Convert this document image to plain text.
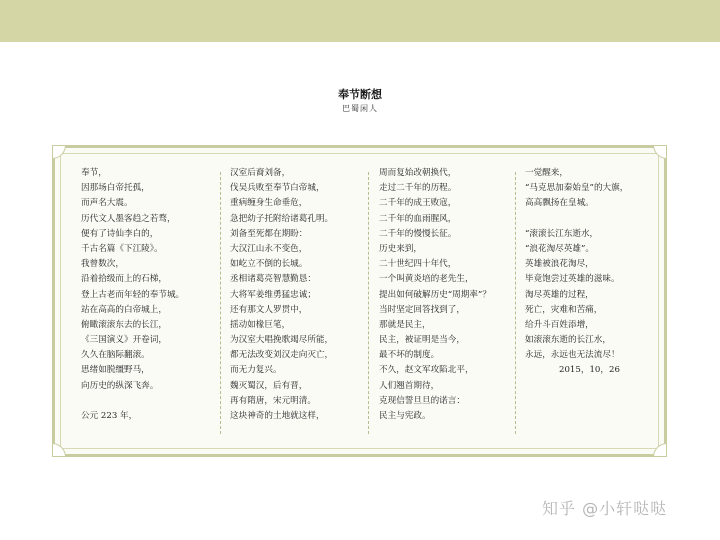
奉节断想
巴蜀闲人
奉节，
因那场白帝托孤，
而声名大震。
历代文人墨客趋之若骛，
便有了诗仙李白的，
千古名篇《下江陵》。
我曾数次，
沿着拾级而上的石梯，
登上古老而年轻的奉节城。
站在高高的白帝城上，
俯瞰滚滚东去的长江，
《三国演义》开卷词，
久久在脑际翻滚。
思绪如脱缰野马，
向历史的纵深飞奔。
公元 223 年，
汉室后裔刘备，
伐吴兵败至奉节白帝城，
重病缠身生命垂危，
急把幼子托附给诸葛孔明。
刘备至死都在期盼：
大汉江山永不变色，
如屹立不倒的长城。
丞相诸葛亮智慧勤恳：
大将军姜维勇猛忠诚；
还有那文人罗贯中，
揺动如椽巨笔，
为汉室大唱挽歌竭尽所能，
都无法改变刘汉走向灭亡，
而无力复兴。
魏灭蜀汉，后有晋，
再有隋唐，宋元明清。
这块神奇的土地就这样，
周而复始改朝换代，
走过二千年的历程。
二千年的成王败寇，
二千年的血雨腥风，
二千年的慢慢长征。
历史来到，
二十世纪四十年代，
一个叫黄炎培的老先生，
提出如何破解历史“周期率”？
当时坚定回答找到了，
那就是民主，
民主，被证明是当今，
最不坏的制度。
不久，赵文军攻陷北平，
人们翘首期待，
克现信誓旦旦的诺言：
民主与宪政。
一觉醒来，
“马克思加秦始皇”的大旗，
高高飘扬在皇城。
“滚滚长江东逝水，
“浪花淘尽英雄”。
英雄被浪花淘尽，
毕竟饱尝过英雄的滋味。
淘尽英雄的过程，
死亡，灾难和苦痛，
给升斗百姓添增，
如滚滚东逝的长江水，
永远，永远也无法流尽！
2015，10，26
知乎 @小轩哒哒
